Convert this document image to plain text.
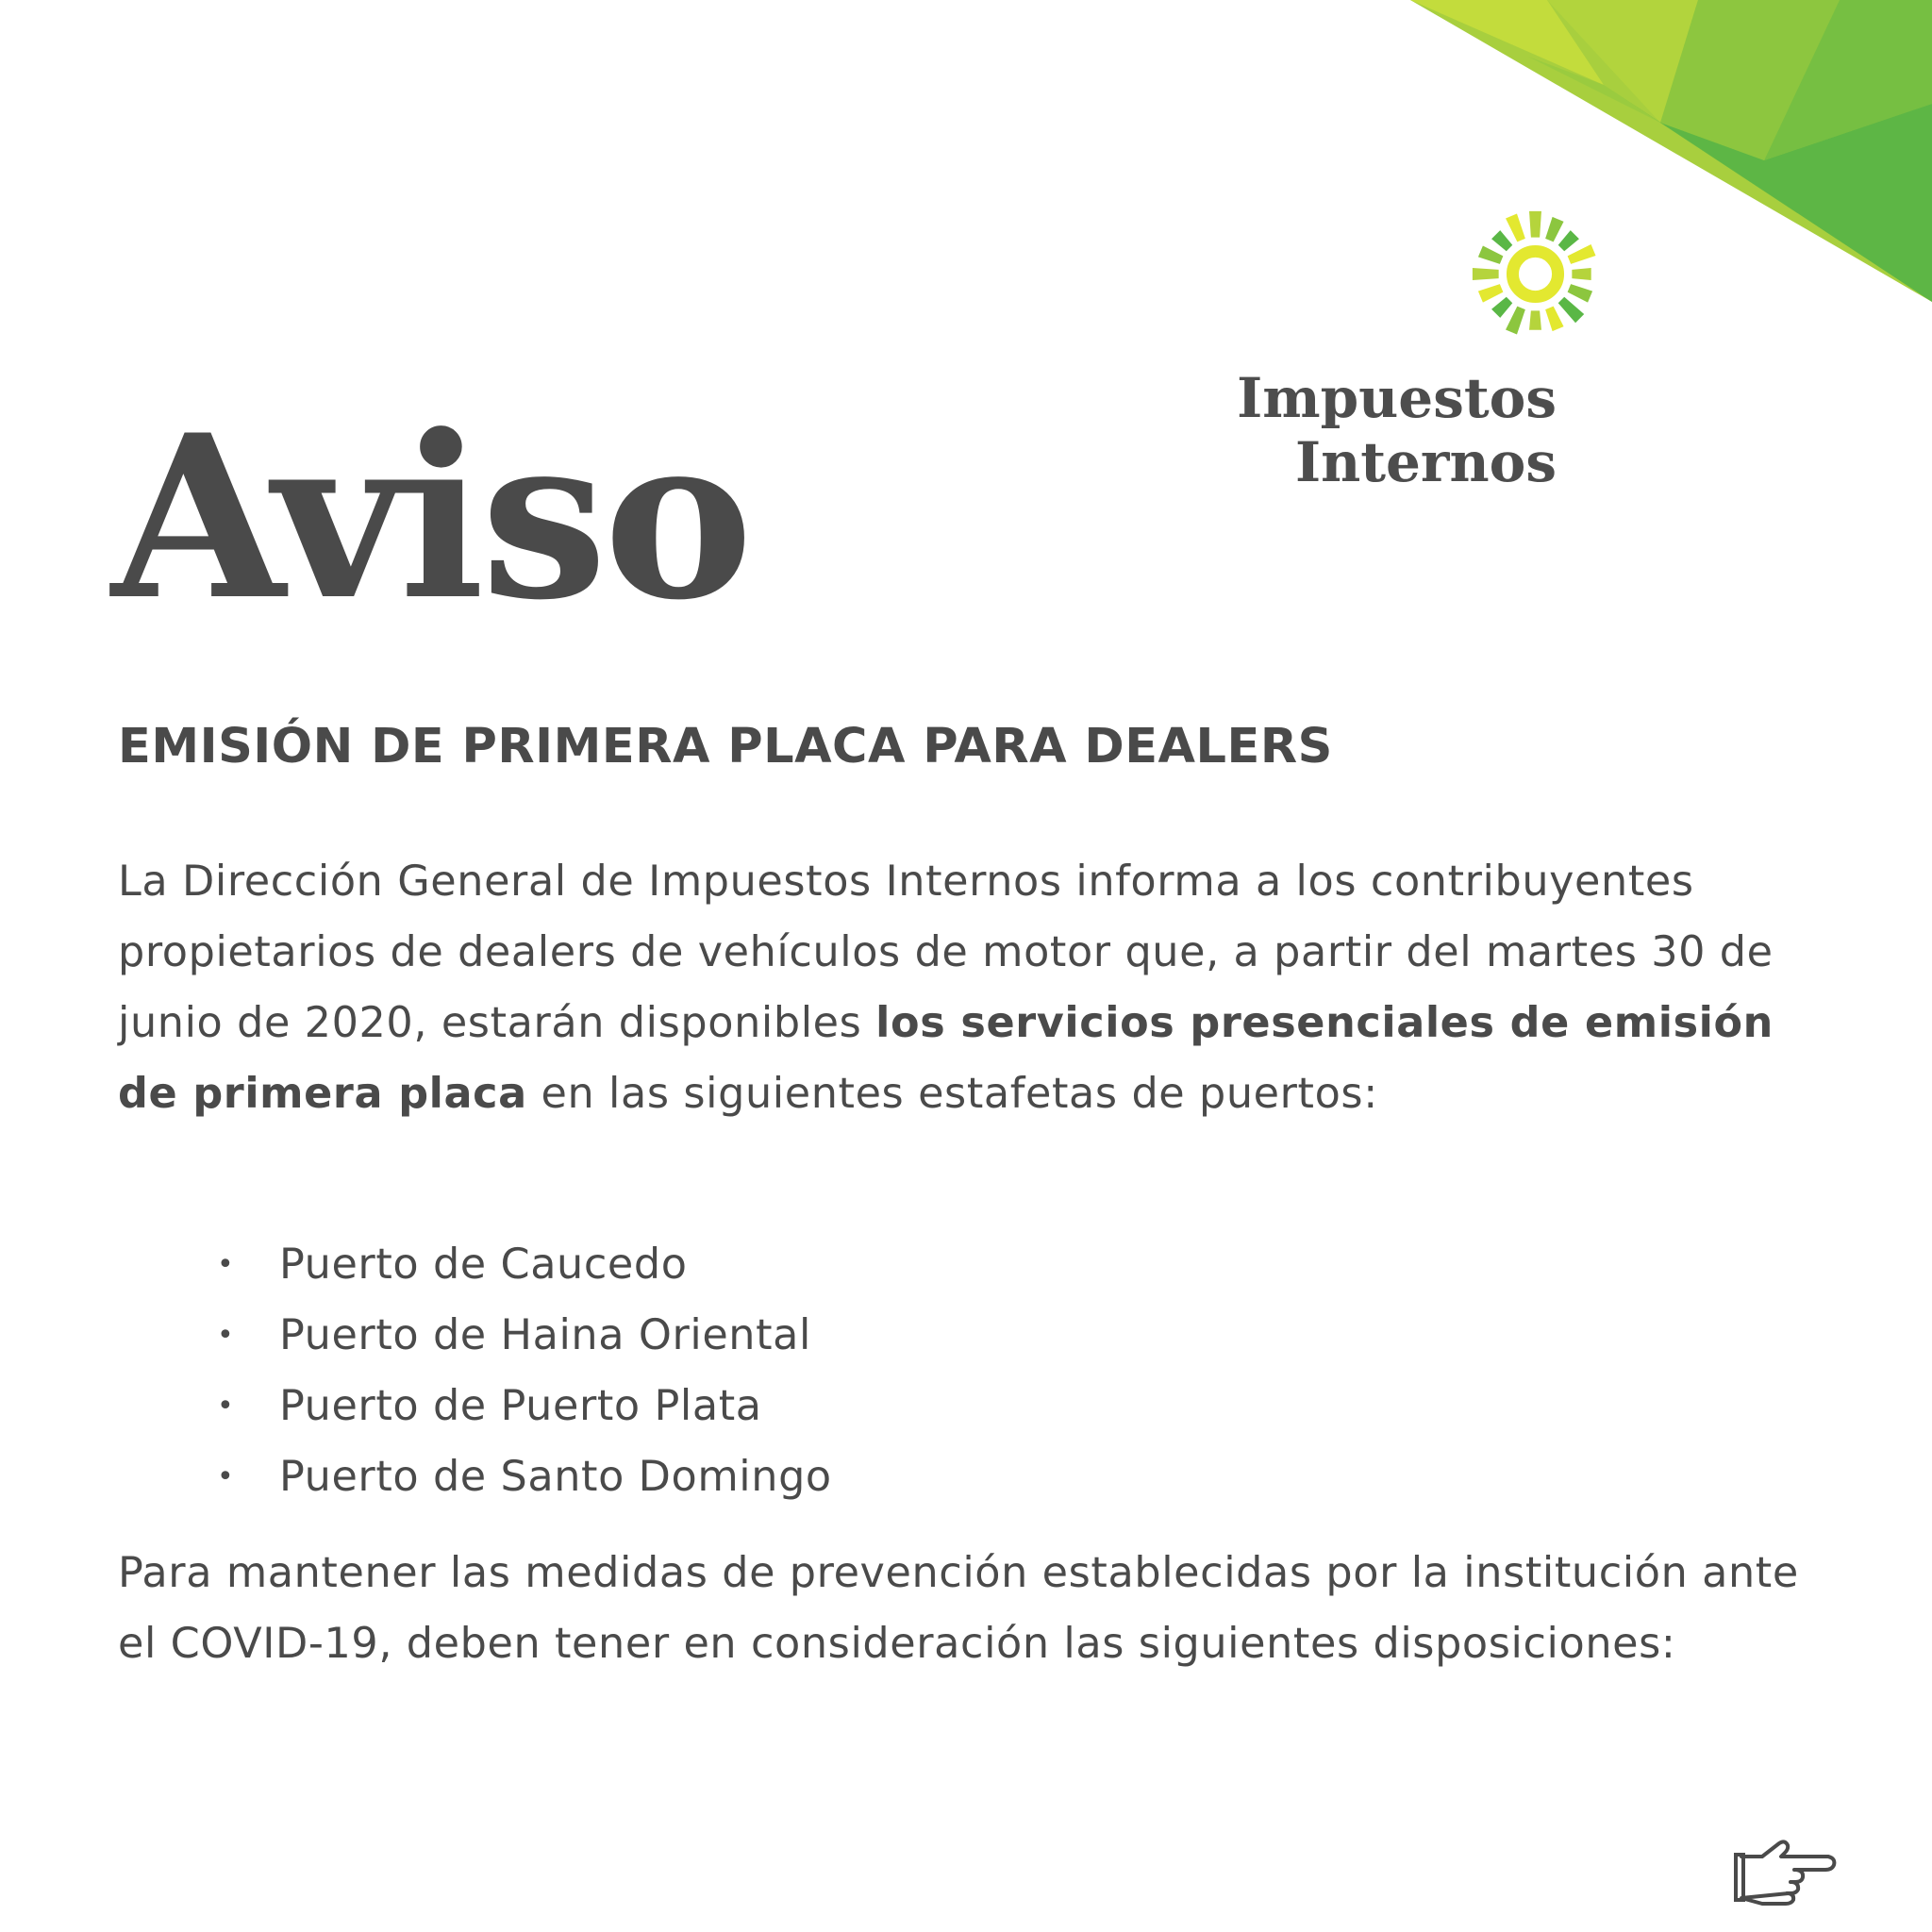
Impuestos
Internos
Aviso
EMISIÓN DE PRIMERA PLACA PARA DEALERS

La Dirección General de Impuestos Internos informa a los contribuyentes propietarios de dealers de vehículos de motor que, a partir del martes 30 de junio de 2020, estarán disponibles los servicios presenciales de emisión de primera placa en las siguientes estafetas de puertos:

• Puerto de Caucedo
• Puerto de Haina Oriental
• Puerto de Puerto Plata
• Puerto de Santo Domingo

Para mantener las medidas de prevención establecidas por la institución ante el COVID-19, deben tener en consideración las siguientes disposiciones:
